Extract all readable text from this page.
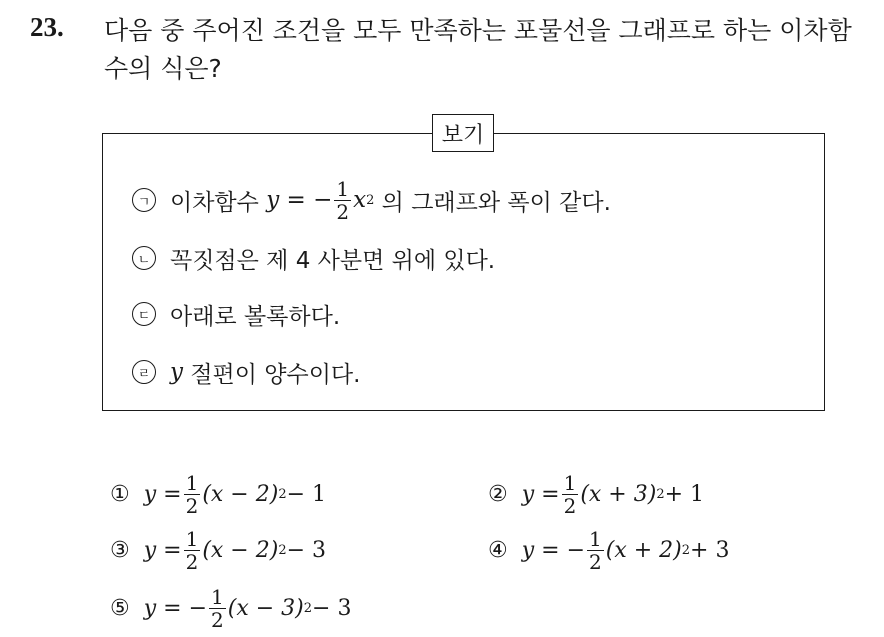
23. 다음 중 주어진 조건을 모두 만족하는 포물선을 그래프로 하는 이차함수의 식은?
보기
ㄱ 이차함수
y = − $\frac{1}{2}$ x 2
의 그래프와 폭이 같다.
ㄴ 꼭짓점은 제 4 사분면 위에 있다.
ㄷ 아래로 볼록하다.
ㄹ y
절편이 양수이다.
① $y = \frac{1}{2} (x - 2) 2 - 1$	② $y = \frac{1}{2} (x + 3) 2 + 1$
③ $y = \frac{1}{2} (x - 2) 2 - 3$	④ y = − $\frac{1}{2} (x + 2) 2 + 3$
⑤ y = − $\frac{1}{2} (x - 3) 2 - 3$
